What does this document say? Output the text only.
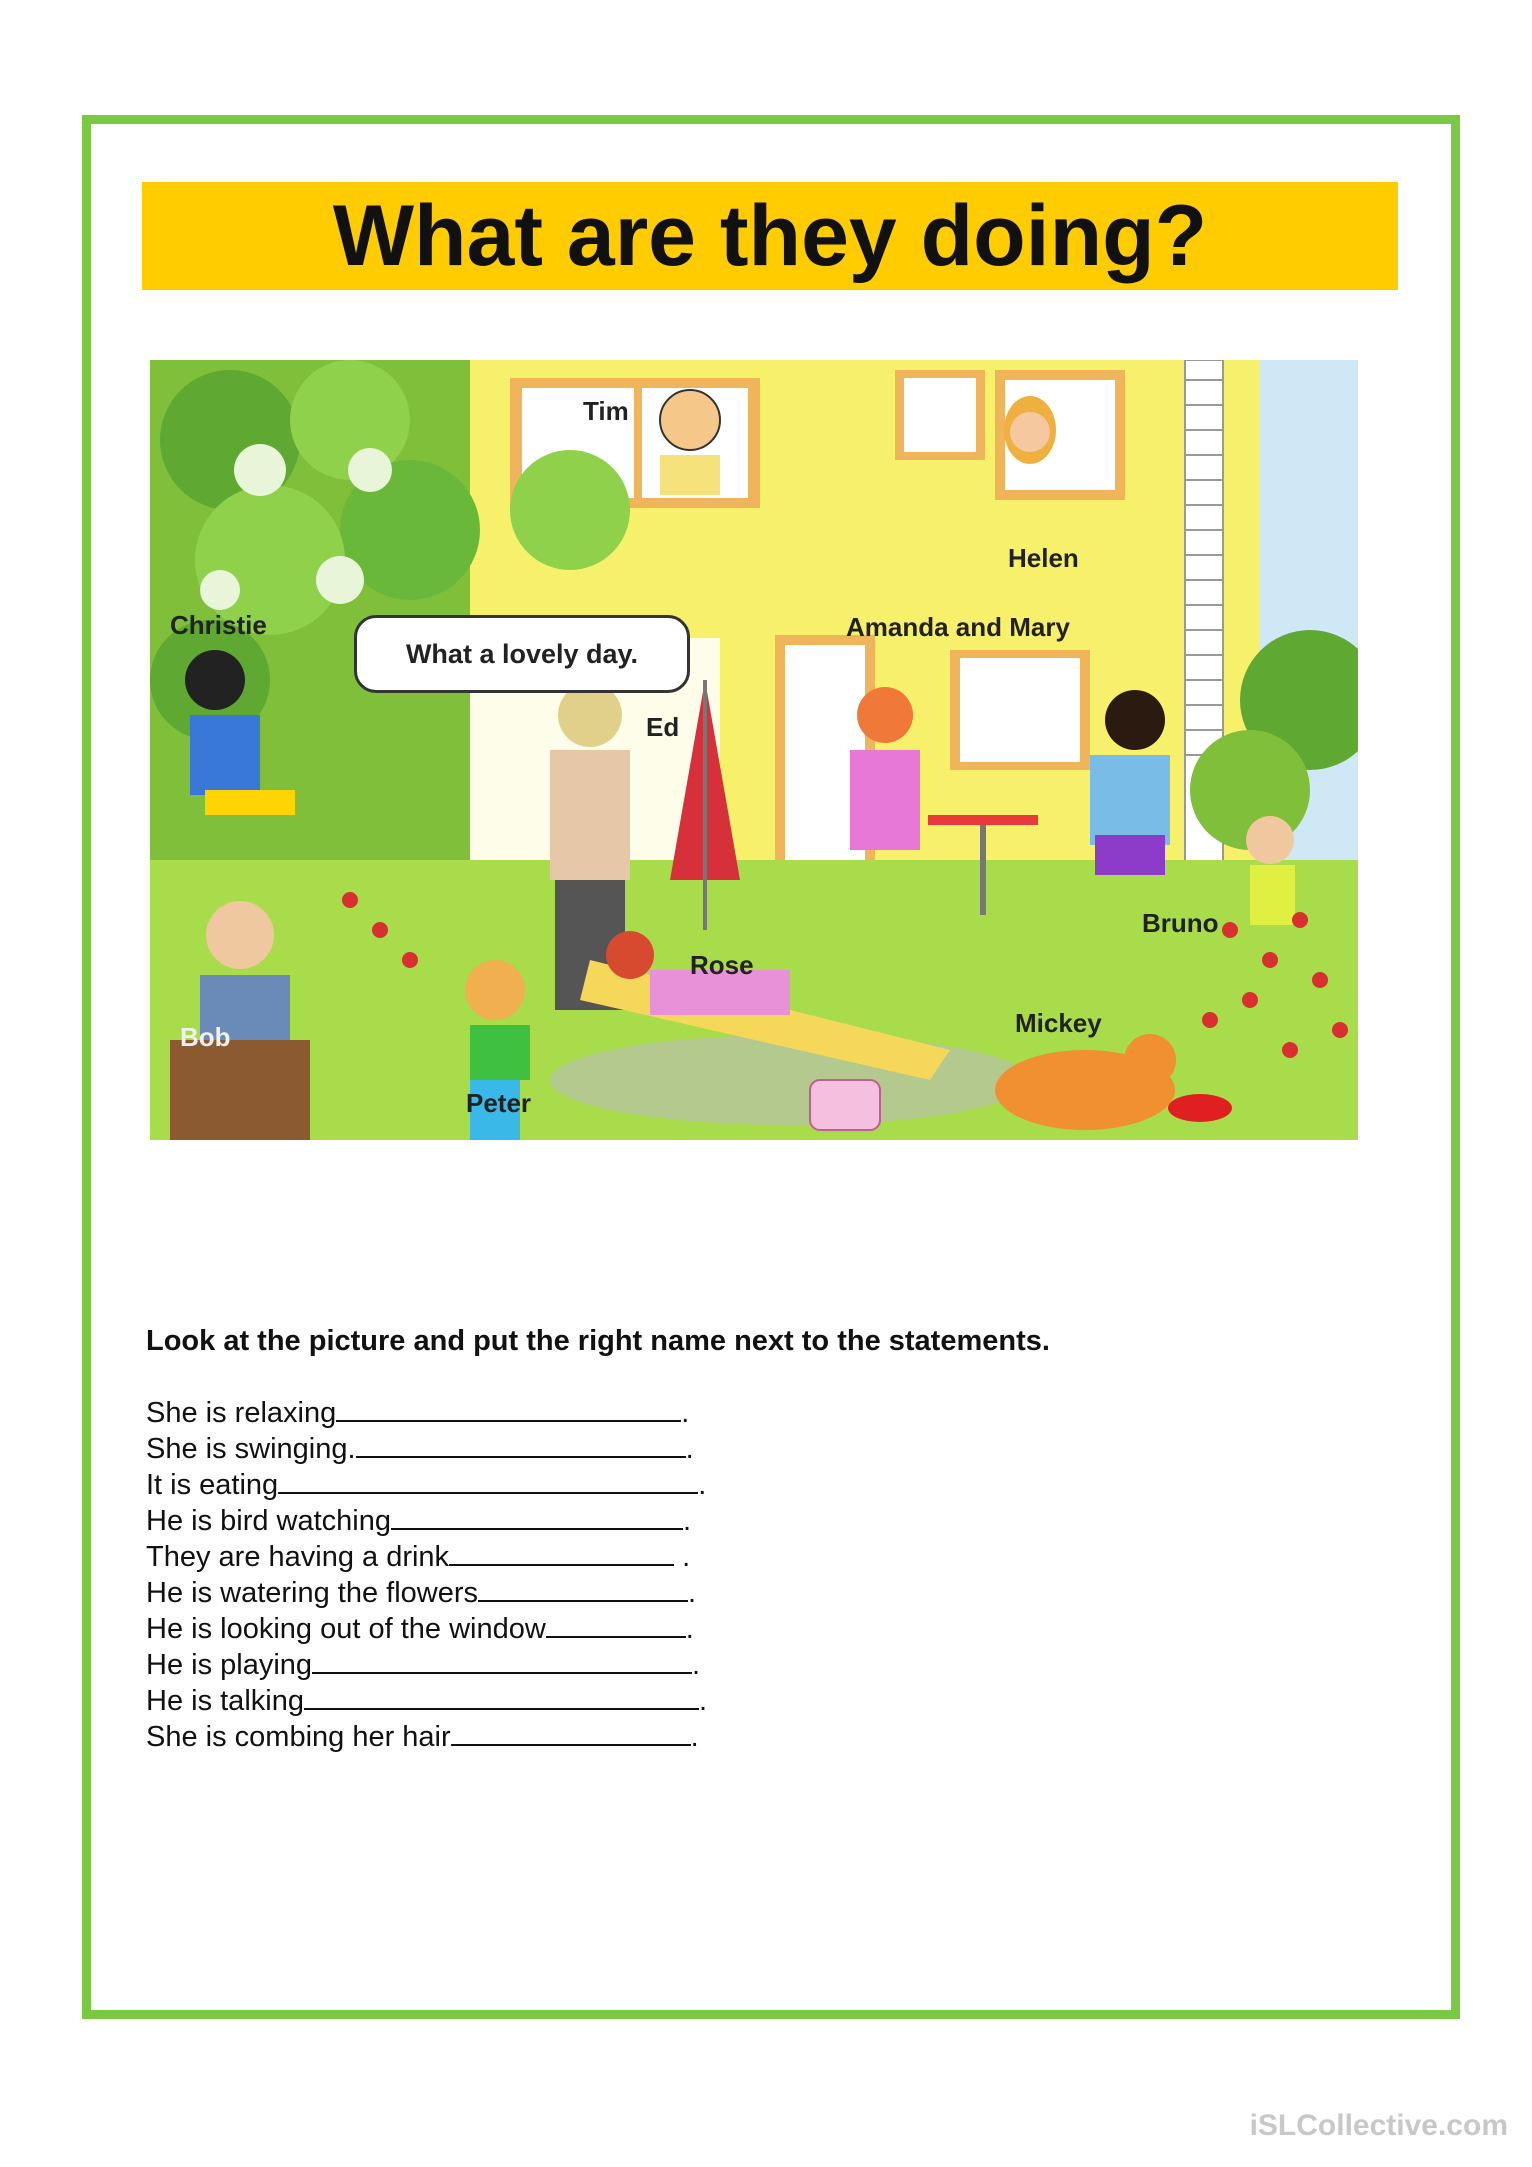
What are they doing?
Tim
Helen
Christie
Ed
Amanda and Mary
Bruno
Rose
Mickey
Bob
Peter
What a lovely day.
Look at the picture and put the right name next to the statements.
She is relaxing	.
She is swinging.	.
It is eating	.
He is bird watching	.
They are having a drink	.
He is watering the flowers	.
He is looking out of the window	.
He is playing	.
He is talking	.
She is combing her hair	.
iSLCollective.com
